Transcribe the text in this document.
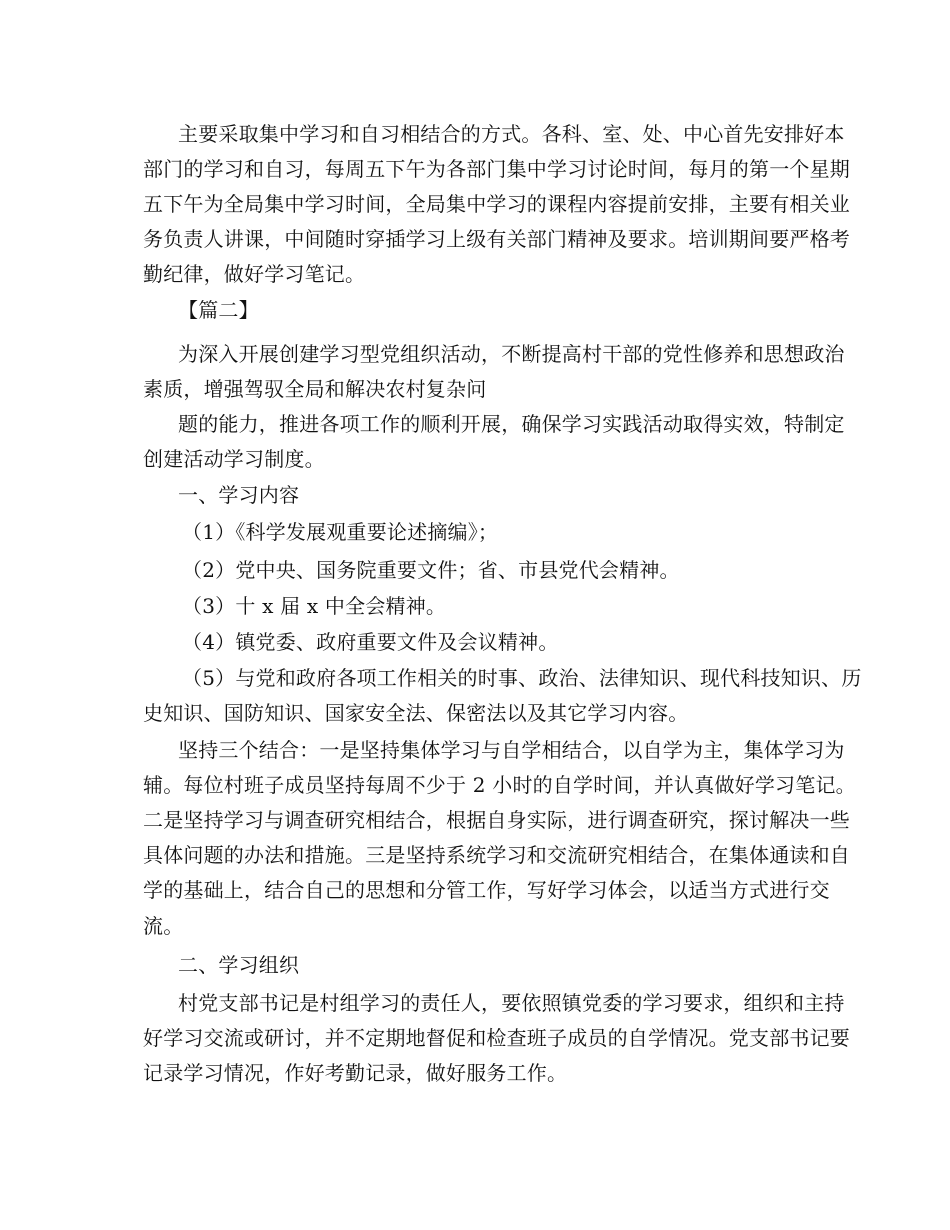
主要采取集中学习和自习相结合的方式。各科、室、处、中心首先安排好本
部门的学习和自习，每周五下午为各部门集中学习讨论时间，每月的第一个星期
五下午为全局集中学习时间，全局集中学习的课程内容提前安排，主要有相关业
务负责人讲课，中间随时穿插学习上级有关部门精神及要求。培训期间要严格考
勤纪律，做好学习笔记。
【篇二】
为深入开展创建学习型党组织活动，不断提高村干部的党性修养和思想政治
素质，增强驾驭全局和解决农村复杂问
题的能力，推进各项工作的顺利开展，确保学习实践活动取得实效，特制定
创建活动学习制度。
一、学习内容
（1）《科学发展观重要论述摘编》；
（2）党中央、国务院重要文件；省、市县党代会精神。
（3）十 x 届 x 中全会精神。
（4）镇党委、政府重要文件及会议精神。
（5）与党和政府各项工作相关的时事、政治、法律知识、现代科技知识、历
史知识、国防知识、国家安全法、保密法以及其它学习内容。
坚持三个结合：一是坚持集体学习与自学相结合，以自学为主，集体学习为
辅。每位村班子成员坚持每周不少于 2 小时的自学时间，并认真做好学习笔记。
二是坚持学习与调查研究相结合，根据自身实际，进行调查研究，探讨解决一些
具体问题的办法和措施。三是坚持系统学习和交流研究相结合，在集体通读和自
学的基础上，结合自己的思想和分管工作，写好学习体会，以适当方式进行交
流。
二、学习组织
村党支部书记是村组学习的责任人，要依照镇党委的学习要求，组织和主持
好学习交流或研讨，并不定期地督促和检查班子成员的自学情况。党支部书记要
记录学习情况，作好考勤记录，做好服务工作。
